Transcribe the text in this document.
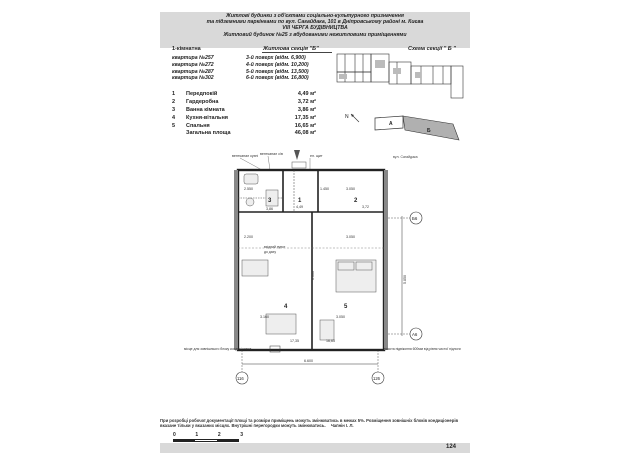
Житлові будинки з об'єктами соціально-культурного призначення
та підземними паркінгами по вул. Сагайдака, 101 в Дніпровському районі м. Києва
VIII ЧЕРГА БУДІВНИЦТВА
Житловий будинок №25 з вбудованими нежитловими приміщеннями
1-кімнатна	Житлова секція "Б"	Схема секції " Б "
квартира №257	3-й поверх (відм. 6,900)
квартира №272	4-й поверх (відм. 10,200)
квартира №287	5-й поверх (відм. 13,500)
квартира №302	6-й поверх (відм. 16,800)
1	Передпокій	4,49 м²
2	Гардеробна	3,72 м²
3	Ванна кімната	3,86 м²
4	Кухня-вітальня	17,35 м²
5	Спальня	16,65 м²
Загальна площа	46,08 м²
А
Б
вул. Сагайдака
N
вентканал кухні вентканал с/в	ел. щит
2.550	1.450	3.050
2.200	3.050
3.160	3.050
вхідний пункт
до даху
3	1	2
4	5
4,49	3,72
3,86
17,35	16,65
6.000	5.850
Б6
А6
116	126
6.600
місце для зовнішнього блоку кондиціонера	висота підвіконня 600мм від рівня чистої підлоги
При розробці робочої документації площі та розміри приміщень можуть змінюватись в межах 5%. Розміщення зовнішніх блоків кондиціонерів вказане тільки у вказаних місцях. Внутрішні перегородки можуть змінюватись. Чапнін І. Л.
0	1	2	3
124
